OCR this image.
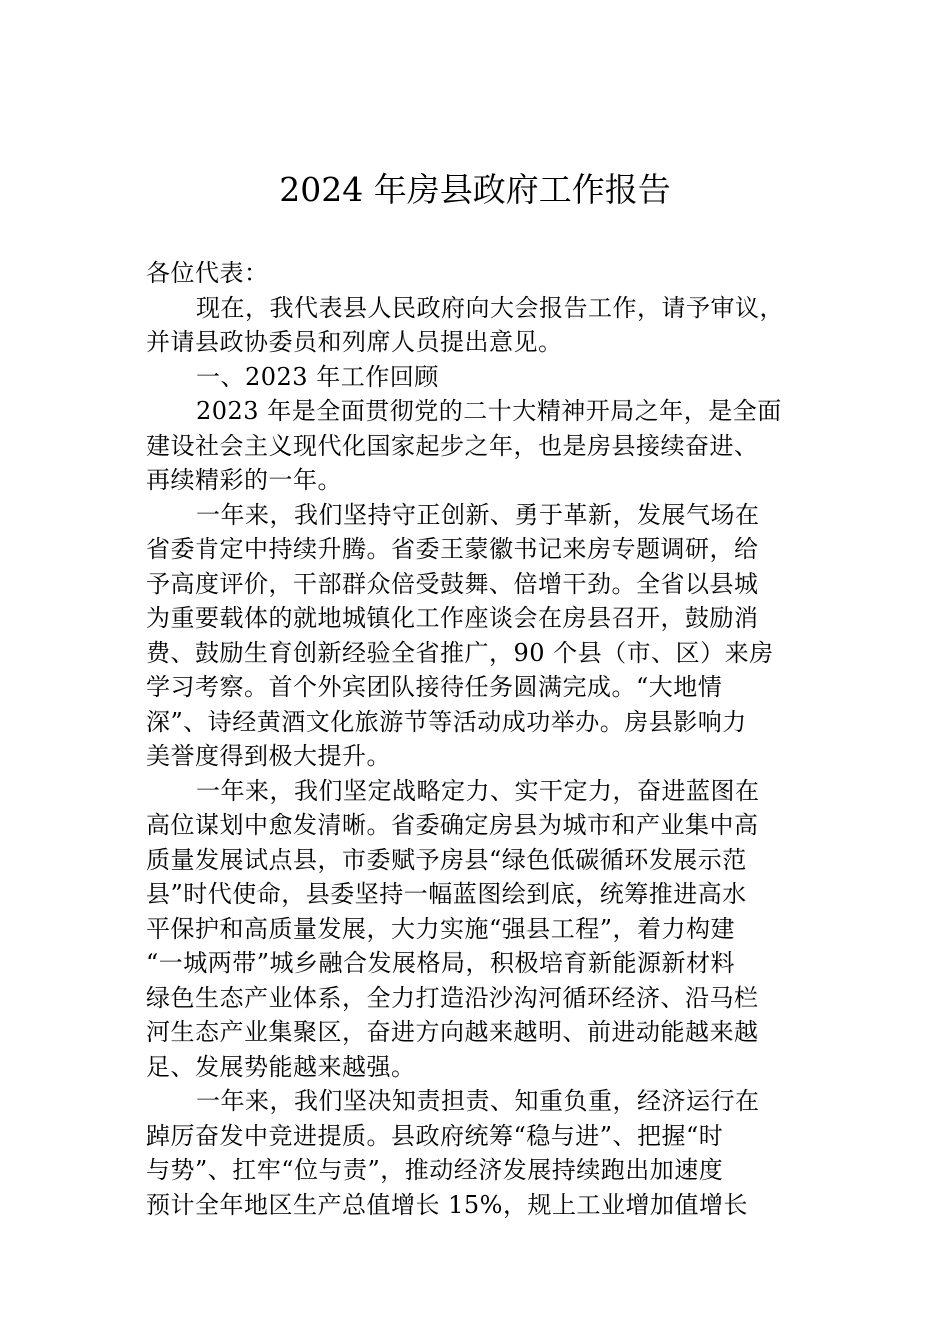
2024 年房县政府工作报告
各位代表：
现在，我代表县人民政府向大会报告工作，请予审议，
并请县政协委员和列席人员提出意见。
一、2023 年工作回顾
2023 年是全面贯彻党的二十大精神开局之年，是全面
建设社会主义现代化国家起步之年，也是房县接续奋进、
再续精彩的一年。
一年来，我们坚持守正创新、勇于革新，发展气场在
省委肯定中持续升腾。省委王蒙徽书记来房专题调研，给
予高度评价，干部群众倍受鼓舞、倍增干劲。全省以县城
为重要载体的就地城镇化工作座谈会在房县召开，鼓励消
费、鼓励生育创新经验全省推广，90 个县（市、区）来房
学习考察。首个外宾团队接待任务圆满完成。“大地情
深”、诗经黄酒文化旅游节等活动成功举办。房县影响力
美誉度得到极大提升。
一年来，我们坚定战略定力、实干定力，奋进蓝图在
高位谋划中愈发清晰。省委确定房县为城市和产业集中高
质量发展试点县，市委赋予房县“绿色低碳循环发展示范
县”时代使命，县委坚持一幅蓝图绘到底，统筹推进高水
平保护和高质量发展，大力实施“强县工程”，着力构建
“一城两带”城乡融合发展格局，积极培育新能源新材料
绿色生态产业体系，全力打造沿沙沟河循环经济、沿马栏
河生态产业集聚区，奋进方向越来越明、前进动能越来越
足、发展势能越来越强。
一年来，我们坚决知责担责、知重负重，经济运行在
踔厉奋发中竞进提质。县政府统筹“稳与进”、把握“时
与势”、扛牢“位与责”，推动经济发展持续跑出加速度
预计全年地区生产总值增长 15%，规上工业增加值增长
